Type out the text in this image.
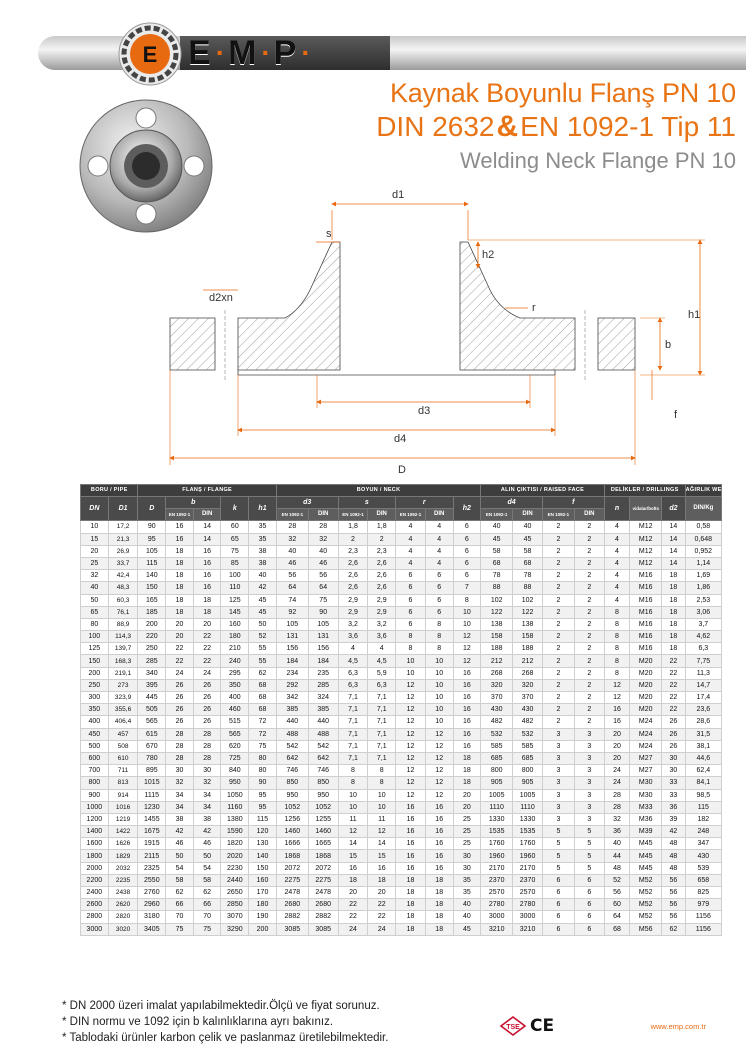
E E · M · P ·
Kaynak Boyunlu Flanş PN 10
DIN 2632&EN 1092-1 Tip 11
Welding Neck Flange PN 10
d1
s
h2
h1
b
f
d2xn
r
d3
d4
D
BORU / PIPE		FLANŞ / FLANGE					BOYUN / NECK							ALIN ÇIKTISI / RAISED FACE				DELİKLER / DRILLINGS			AĞIRLIK WEIGHT
DN	D1	D	b		k	h1	d3		s		r		h2	d4		f		n	vidalar/bolts	d2	DIN/Kg
			EN 1092-1	DIN			EN 1092-1	DIN	EN 1092-1	DIN	EN 1092-1	DIN		EN 1092-1	DIN	EN 1092-1	DIN				
10	17,2	90	16	14	60	35	28	28	1,8	1,8	4	4	6	40	40	2	2	4	M12	14	0,58
15	21,3	95	16	14	65	35	32	32	2	2	4	4	6	45	45	2	2	4	M12	14	0,648
20	26,9	105	18	16	75	38	40	40	2,3	2,3	4	4	6	58	58	2	2	4	M12	14	0,952
25	33,7	115	18	16	85	38	46	46	2,6	2,6	4	4	6	68	68	2	2	4	M12	14	1,14
32	42,4	140	18	16	100	40	56	56	2,6	2,6	6	6	6	78	78	2	2	4	M16	18	1,69
40	48,3	150	18	16	110	42	64	64	2,6	2,6	6	6	7	88	88	2	2	4	M16	18	1,86
50	60,3	165	18	18	125	45	74	75	2,9	2,9	6	6	8	102	102	2	2	4	M16	18	2,53
65	76,1	185	18	18	145	45	92	90	2,9	2,9	6	6	10	122	122	2	2	8	M16	18	3,06
80	88,9	200	20	20	160	50	105	105	3,2	3,2	6	8	10	138	138	2	2	8	M16	18	3,7
100	114,3	220	20	22	180	52	131	131	3,6	3,6	8	8	12	158	158	2	2	8	M16	18	4,62
125	139,7	250	22	22	210	55	156	156	4	4	8	8	12	188	188	2	2	8	M16	18	6,3
150	168,3	285	22	22	240	55	184	184	4,5	4,5	10	10	12	212	212	2	2	8	M20	22	7,75
200	219,1	340	24	24	295	62	234	235	6,3	5,9	10	10	16	268	268	2	2	8	M20	22	11,3
250	273	395	26	26	350	68	292	285	6,3	6,3	12	10	16	320	320	2	2	12	M20	22	14,7
300	323,9	445	26	26	400	68	342	324	7,1	7,1	12	10	16	370	370	2	2	12	M20	22	17,4
350	355,6	505	26	26	460	68	385	385	7,1	7,1	12	10	16	430	430	2	2	16	M20	22	23,6
400	406,4	565	26	26	515	72	440	440	7,1	7,1	12	10	16	482	482	2	2	16	M24	26	28,6
450	457	615	28	28	565	72	488	488	7,1	7,1	12	12	16	532	532	3	3	20	M24	26	31,5
500	508	670	28	28	620	75	542	542	7,1	7,1	12	12	16	585	585	3	3	20	M24	26	38,1
600	610	780	28	28	725	80	642	642	7,1	7,1	12	12	18	685	685	3	3	20	M27	30	44,6
700	711	895	30	30	840	80	746	746	8	8	12	12	18	800	800	3	3	24	M27	30	62,4
800	813	1015	32	32	950	90	850	850	8	8	12	12	18	905	905	3	3	24	M30	33	84,1
900	914	1115	34	34	1050	95	950	950	10	10	12	12	20	1005	1005	3	3	28	M30	33	98,5
1000	1016	1230	34	34	1160	95	1052	1052	10	10	16	16	20	1110	1110	3	3	28	M33	36	115
1200	1219	1455	38	38	1380	115	1256	1255	11	11	16	16	25	1330	1330	3	3	32	M36	39	182
1400	1422	1675	42	42	1590	120	1460	1460	12	12	16	16	25	1535	1535	5	5	36	M39	42	248
1600	1626	1915	46	46	1820	130	1666	1665	14	14	16	16	25	1760	1760	5	5	40	M45	48	347
1800	1829	2115	50	50	2020	140	1868	1868	15	15	16	16	30	1960	1960	5	5	44	M45	48	430
2000	2032	2325	54	54	2230	150	2072	2072	16	16	16	16	30	2170	2170	5	5	48	M45	48	539
2200	2235	2550	58	58	2440	160	2275	2275	18	18	18	18	35	2370	2370	6	6	52	M52	56	658
2400	2438	2760	62	62	2650	170	2478	2478	20	20	18	18	35	2570	2570	6	6	56	M52	56	825
2600	2620	2960	66	66	2850	180	2680	2680	22	22	18	18	40	2780	2780	6	6	60	M52	56	979
2800	2820	3180	70	70	3070	190	2882	2882	22	22	18	18	40	3000	3000	6	6	64	M52	56	1156
3000	3020	3405	75	75	3290	200	3085	3085	24	24	18	18	45	3210	3210	6	6	68	M56	62	1156
* DN 2000 üzeri imalat yapılabilmektedir.Ölçü ve fiyat sorunuz.
* DIN normu ve 1092 için b kalınlıklarına ayrı bakınız.
* Tablodaki ürünler karbon çelik ve paslanmaz üretilebilmektedir.
TSE CE	www.emp.com.tr
